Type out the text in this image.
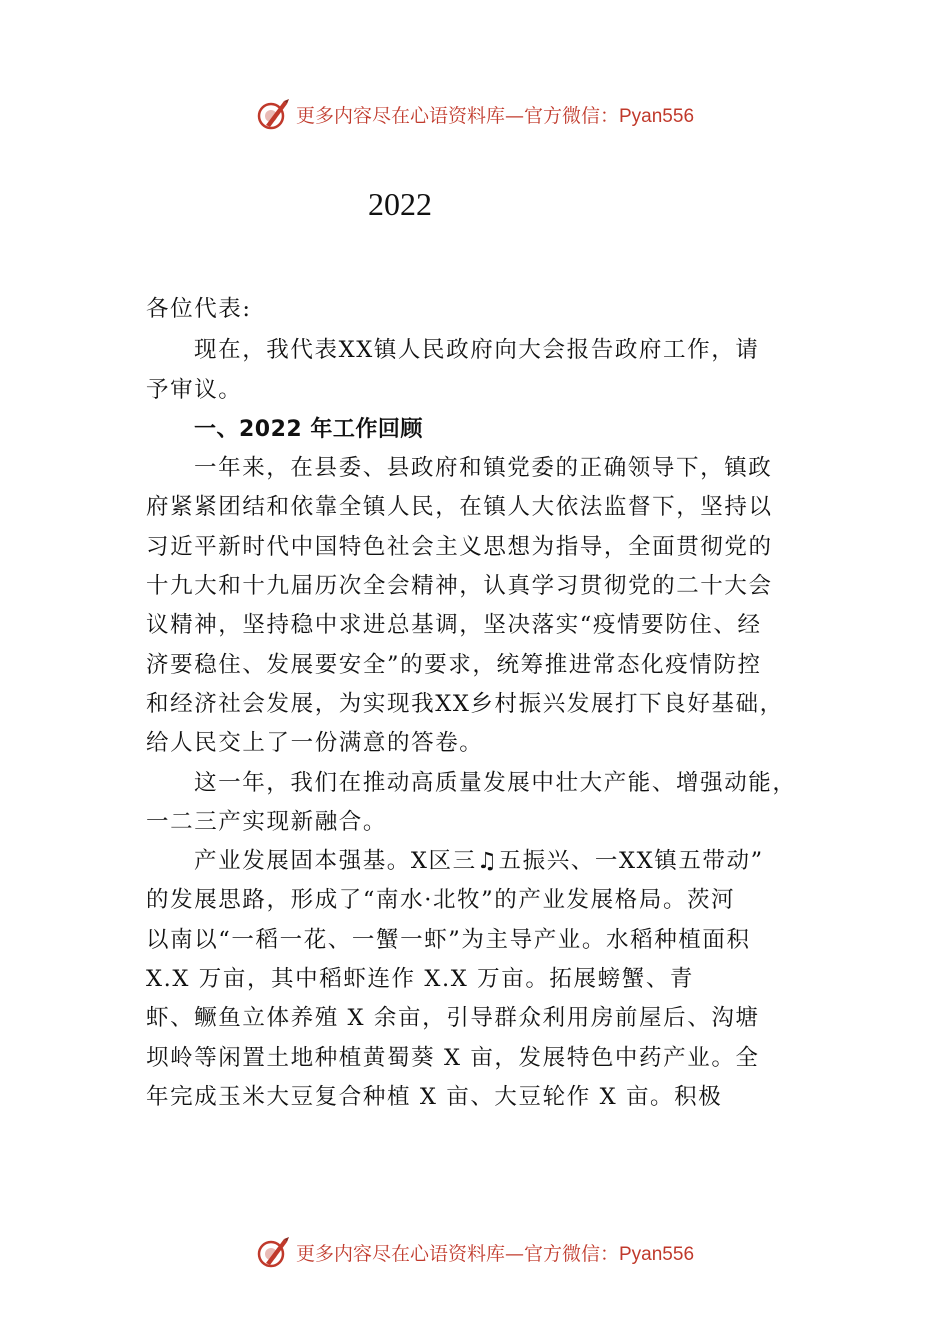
更多内容尽在心语资料库—官方微信：Pyan556
2022
各位代表:
现在，我代表XX镇人民政府向大会报告政府工作，请
予审议。
一、2022 年工作回顾
一年来，在县委、县政府和镇党委的正确领导下，镇政
府紧紧团结和依靠全镇人民，在镇人大依法监督下，坚持以
习近平新时代中国特色社会主义思想为指导，全面贯彻党的
十九大和十九届历次全会精神，认真学习贯彻党的二十大会
议精神，坚持稳中求进总基调，坚决落实“疫情要防住、经
济要稳住、发展要安全”的要求，统筹推进常态化疫情防控
和经济社会发展，为实现我XX乡村振兴发展打下良好基础，
给人民交上了一份满意的答卷。
这一年，我们在推动高质量发展中壮大产能、增强动能，
一二三产实现新融合。
产业发展固本强基。X区三♫五振兴、一XX镇五带动”
的发展思路，形成了“南水·北牧”的产业发展格局。茨河
以南以“一稻一花、一蟹一虾”为主导产业。水稻种植面积
X.X 万亩，其中稻虾连作 X.X 万亩。拓展螃蟹、青
虾、鳜鱼立体养殖 X 余亩，引导群众利用房前屋后、沟塘
坝岭等闲置土地种植黄蜀葵 X 亩，发展特色中药产业。全
年完成玉米大豆复合种植 X 亩、大豆轮作 X 亩。积极
更多内容尽在心语资料库—官方微信：Pyan556
